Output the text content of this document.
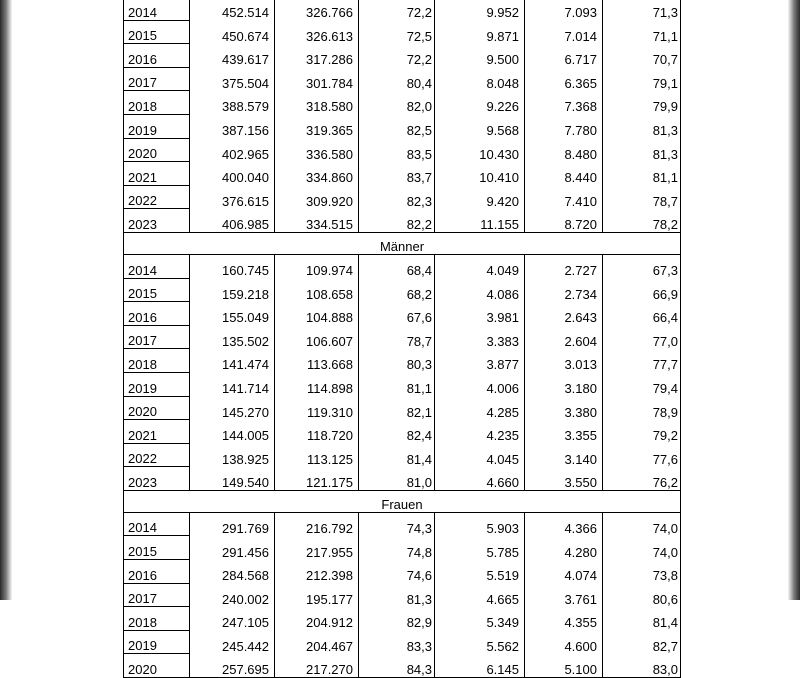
2014	452.514	326.766	72,2	9.952	7.093	71,3
2015	450.674	326.613	72,5	9.871	7.014	71,1
2016	439.617	317.286	72,2	9.500	6.717	70,7
2017	375.504	301.784	80,4	8.048	6.365	79,1
2018	388.579	318.580	82,0	9.226	7.368	79,9
2019	387.156	319.365	82,5	9.568	7.780	81,3
2020	402.965	336.580	83,5	10.430	8.480	81,3
2021	400.040	334.860	83,7	10.410	8.440	81,1
2022	376.615	309.920	82,3	9.420	7.410	78,7
2023	406.985	334.515	82,2	11.155	8.720	78,2
Männer						
2014	160.745	109.974	68,4	4.049	2.727	67,3
2015	159.218	108.658	68,2	4.086	2.734	66,9
2016	155.049	104.888	67,6	3.981	2.643	66,4
2017	135.502	106.607	78,7	3.383	2.604	77,0
2018	141.474	113.668	80,3	3.877	3.013	77,7
2019	141.714	114.898	81,1	4.006	3.180	79,4
2020	145.270	119.310	82,1	4.285	3.380	78,9
2021	144.005	118.720	82,4	4.235	3.355	79,2
2022	138.925	113.125	81,4	4.045	3.140	77,6
2023	149.540	121.175	81,0	4.660	3.550	76,2
Frauen						
2014	291.769	216.792	74,3	5.903	4.366	74,0
2015	291.456	217.955	74,8	5.785	4.280	74,0
2016	284.568	212.398	74,6	5.519	4.074	73,8
2017	240.002	195.177	81,3	4.665	3.761	80,6
2018	247.105	204.912	82,9	5.349	4.355	81,4
2019	245.442	204.467	83,3	5.562	4.600	82,7
2020	257.695	217.270	84,3	6.145	5.100	83,0
